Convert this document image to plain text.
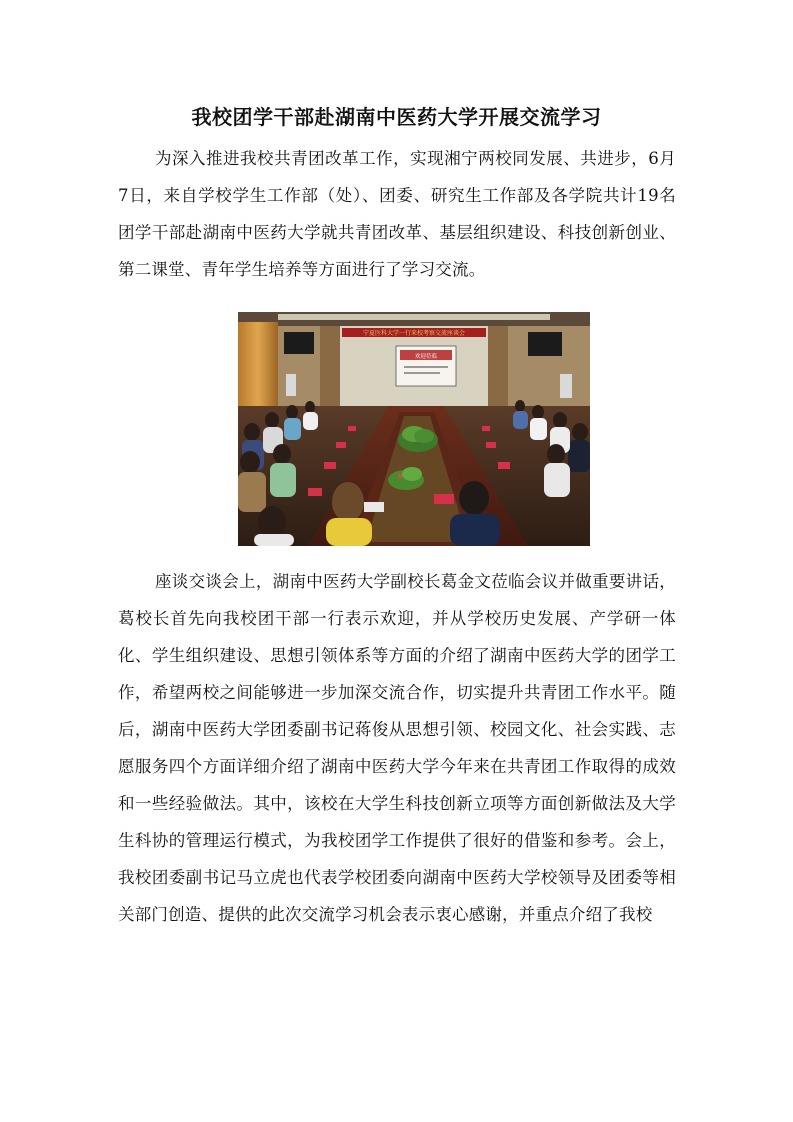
我校团学干部赴湖南中医药大学开展交流学习

为深入推进我校共青团改革工作，实现湘宁两校同发展、共进步，6月7日，来自学校学生工作部（处）、团委、研究生工作部及各学院共计19名团学干部赴湖南中医药大学就共青团改革、基层组织建设、科技创新创业、第二课堂、青年学生培养等方面进行了学习交流。

宁夏医科大学一行来校考察交流座谈会
欢迎莅临

座谈交谈会上，湖南中医药大学副校长葛金文莅临会议并做重要讲话，葛校长首先向我校团干部一行表示欢迎，并从学校历史发展、产学研一体化、学生组织建设、思想引领体系等方面的介绍了湖南中医药大学的团学工作，希望两校之间能够进一步加深交流合作，切实提升共青团工作水平。随后，湖南中医药大学团委副书记蒋俊从思想引领、校园文化、社会实践、志愿服务四个方面详细介绍了湖南中医药大学今年来在共青团工作取得的成效和一些经验做法。其中，该校在大学生科技创新立项等方面创新做法及大学生科协的管理运行模式，为我校团学工作提供了很好的借鉴和参考。会上，我校团委副书记马立虎也代表学校团委向湖南中医药大学校领导及团委等相关部门创造、提供的此次交流学习机会表示衷心感谢，并重点介绍了我校
